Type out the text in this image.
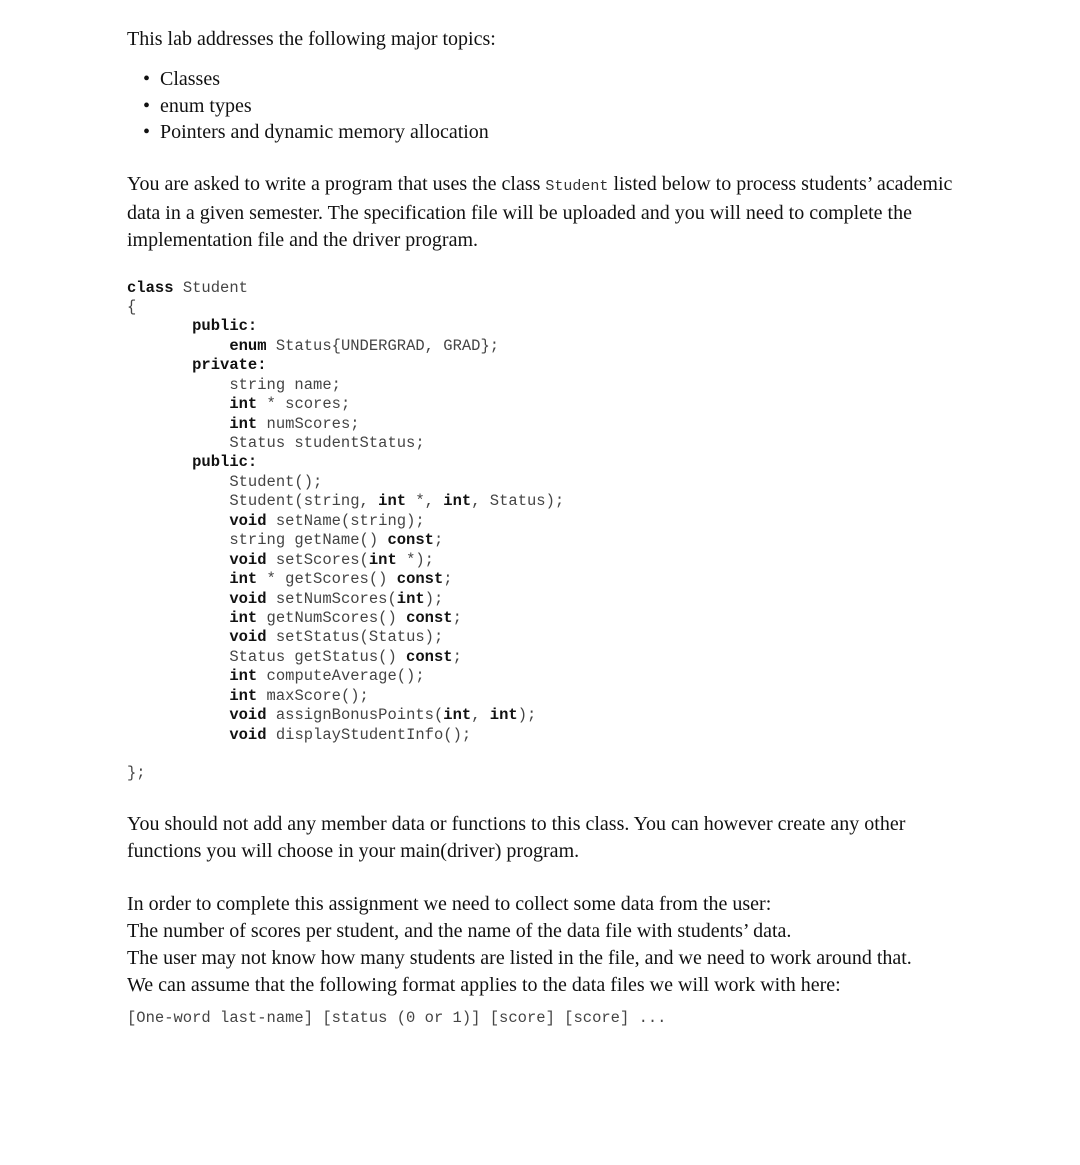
This lab addresses the following major topics:

• Classes
• enum types
• Pointers and dynamic memory allocation

You are asked to write a program that uses the class Student listed below to process students’ academic data in a given semester. The specification file will be uploaded and you will need to complete the implementation file and the driver program.

class Student
{
public:
enum Status{UNDERGRAD, GRAD};
private:
string name;
int * scores;
int numScores;
Status studentStatus;
public:
Student();
Student(string, int *, int, Status);
void setName(string);
string getName() const;
void setScores(int *);
int * getScores() const;
void setNumScores(int);
int getNumScores() const;
void setStatus(Status);
Status getStatus() const;
int computeAverage();
int maxScore();
void assignBonusPoints(int, int);
void displayStudentInfo();
};

You should not add any member data or functions to this class. You can however create any other functions you will choose in your main(driver) program.

In order to complete this assignment we need to collect some data from the user:
The number of scores per student, and the name of the data file with students’ data.
The user may not know how many students are listed in the file, and we need to work around that.
We can assume that the following format applies to the data files we will work with here:

[One-word last-name] [status (0 or 1)] [score] [score] ...
